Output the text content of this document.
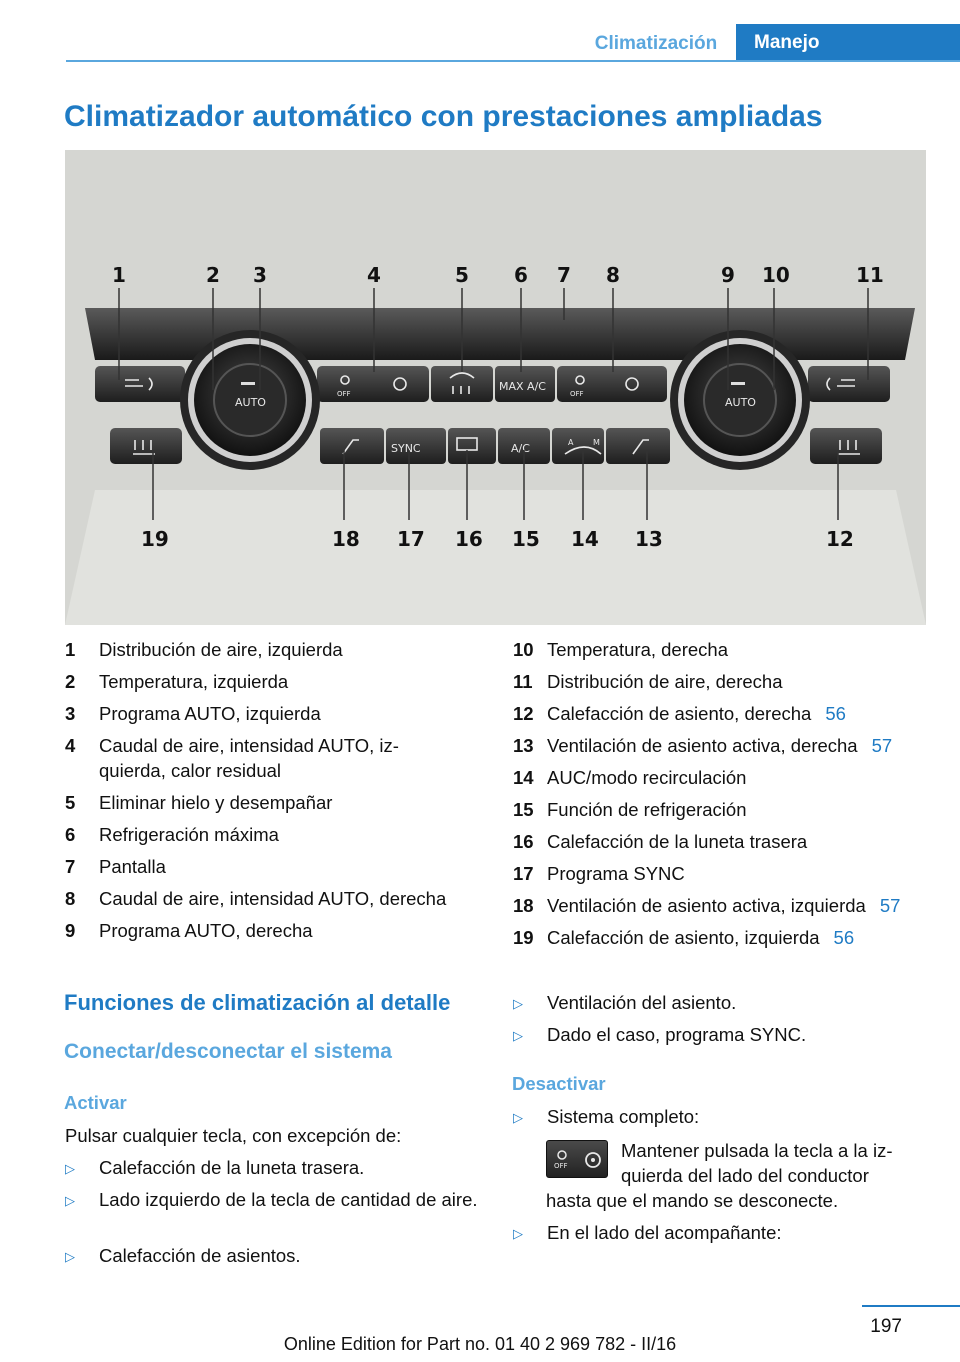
Climatización	Manejo
Climatizador automático con prestaciones ampliadas
AUTO	AUTO
OFF	OFF
MAX A/C
SYNC	A/C	A M
1	2 3	4	5 6 7 8	9 10	11
19	18 17 16 15 14 13	12
1	Distribución de aire, izquierda
2	Temperatura, izquierda
3	Programa AUTO, izquierda
4	Caudal de aire, intensidad AUTO, iz‐
quierda, calor residual
5	Eliminar hielo y desempañar
6	Refrigeración máxima
7	Pantalla
8	Caudal de aire, intensidad AUTO, derecha
9	Programa AUTO, derecha
10 Temperatura, derecha
11 Distribución de aire, derecha
12 Calefacción de asiento, derecha 56
13 Ventilación de asiento activa, derecha 57
14 AUC/modo recirculación
15 Función de refrigeración
16 Calefacción de la luneta trasera
17 Programa SYNC
18 Ventilación de asiento activa, izquierda 57
19 Calefacción de asiento, izquierda 56
Funciones de climatización al detalle
Conectar/desconectar el sistema
Activar
Pulsar cualquier tecla, con excepción de:
▷	Calefacción de la luneta trasera.
▷	Lado izquierdo de la tecla de cantidad de aire.
▷	Calefacción de asientos.
▷	Ventilación del asiento.
▷	Dado el caso, programa SYNC.
Desactivar
▷	Sistema completo:
OFF
Mantener pulsada la tecla a la iz‐
quierda del lado del conductor
hasta que el mando se desconecte.
▷	En el lado del acompañante:
197
Online Edition for Part no. 01 40 2 969 782 - II/16
